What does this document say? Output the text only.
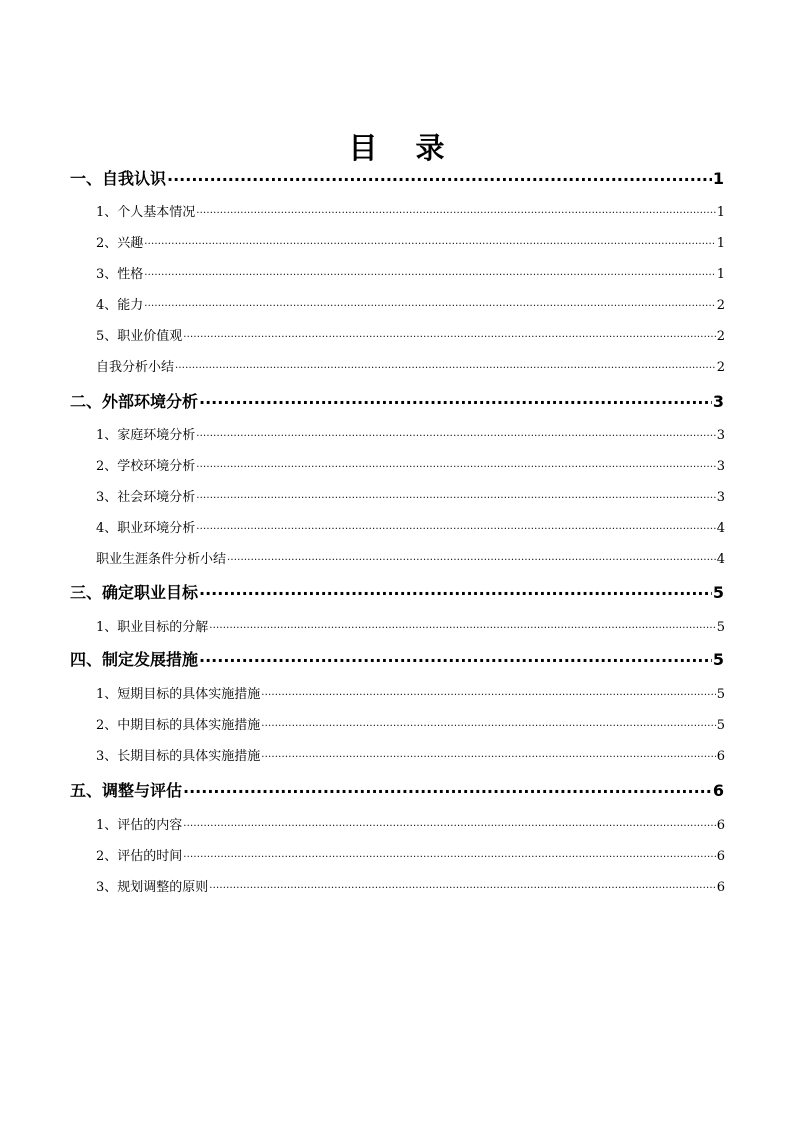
目 录
一、自我认识 .....	1
1、个人基本情况 .....	1
2、兴趣 .....	1
3、性格 .....	1
4、能力 .....	2
5、职业价值观 .....	2
自我分析小结 .....	2
二、外部环境分析 .....	3
1、家庭环境分析 .....	3
2、学校环境分析 .....	3
3、社会环境分析 .....	3
4、职业环境分析 .....	4
职业生涯条件分析小结 .....	4
三、确定职业目标 .....	5
1、职业目标的分解 .....	5
四、制定发展措施 .....	5
1、短期目标的具体实施措施 .....	5
2、中期目标的具体实施措施 .....	5
3、长期目标的具体实施措施 .....	6
五、调整与评估 .....	6
1、评估的内容 .....	6
2、评估的时间 .....	6
3、规划调整的原则 .....	6
